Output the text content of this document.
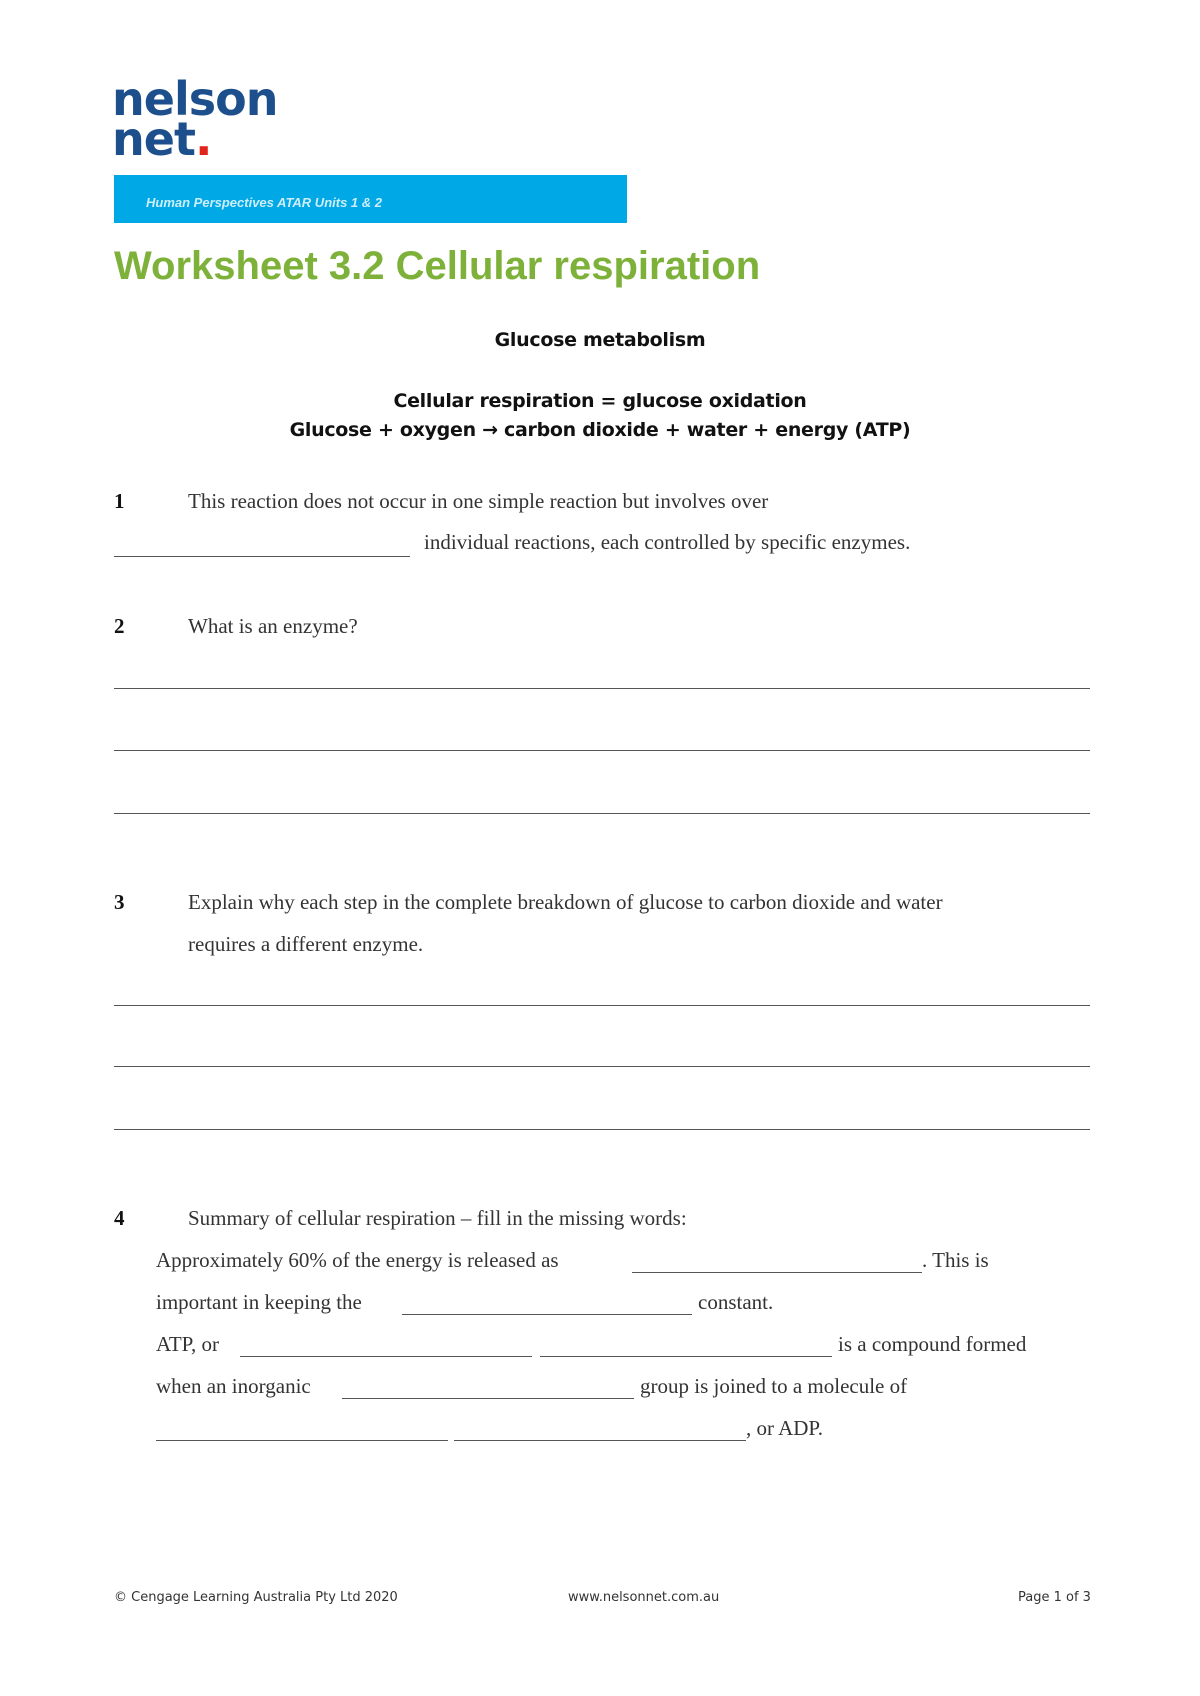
nelson
net.
Human Perspectives ATAR Units 1 & 2
Worksheet 3.2 Cellular respiration
Glucose metabolism
Cellular respiration = glucose oxidation
Glucose + oxygen → carbon dioxide + water + energy (ATP)
1	This reaction does not occur in one simple reaction but involves over
individual reactions, each controlled by specific enzymes.
2	What is an enzyme?
3	Explain why each step in the complete breakdown of glucose to carbon dioxide and water
requires a different enzyme.
4	Summary of cellular respiration – fill in the missing words:
Approximately 60% of the energy is released as	. This is
important in keeping the	constant.
ATP, or	is a compound formed
when an inorganic	group is joined to a molecule of
, or ADP.
© Cengage Learning Australia Pty Ltd 2020	www.nelsonnet.com.au	Page 1 of 3
